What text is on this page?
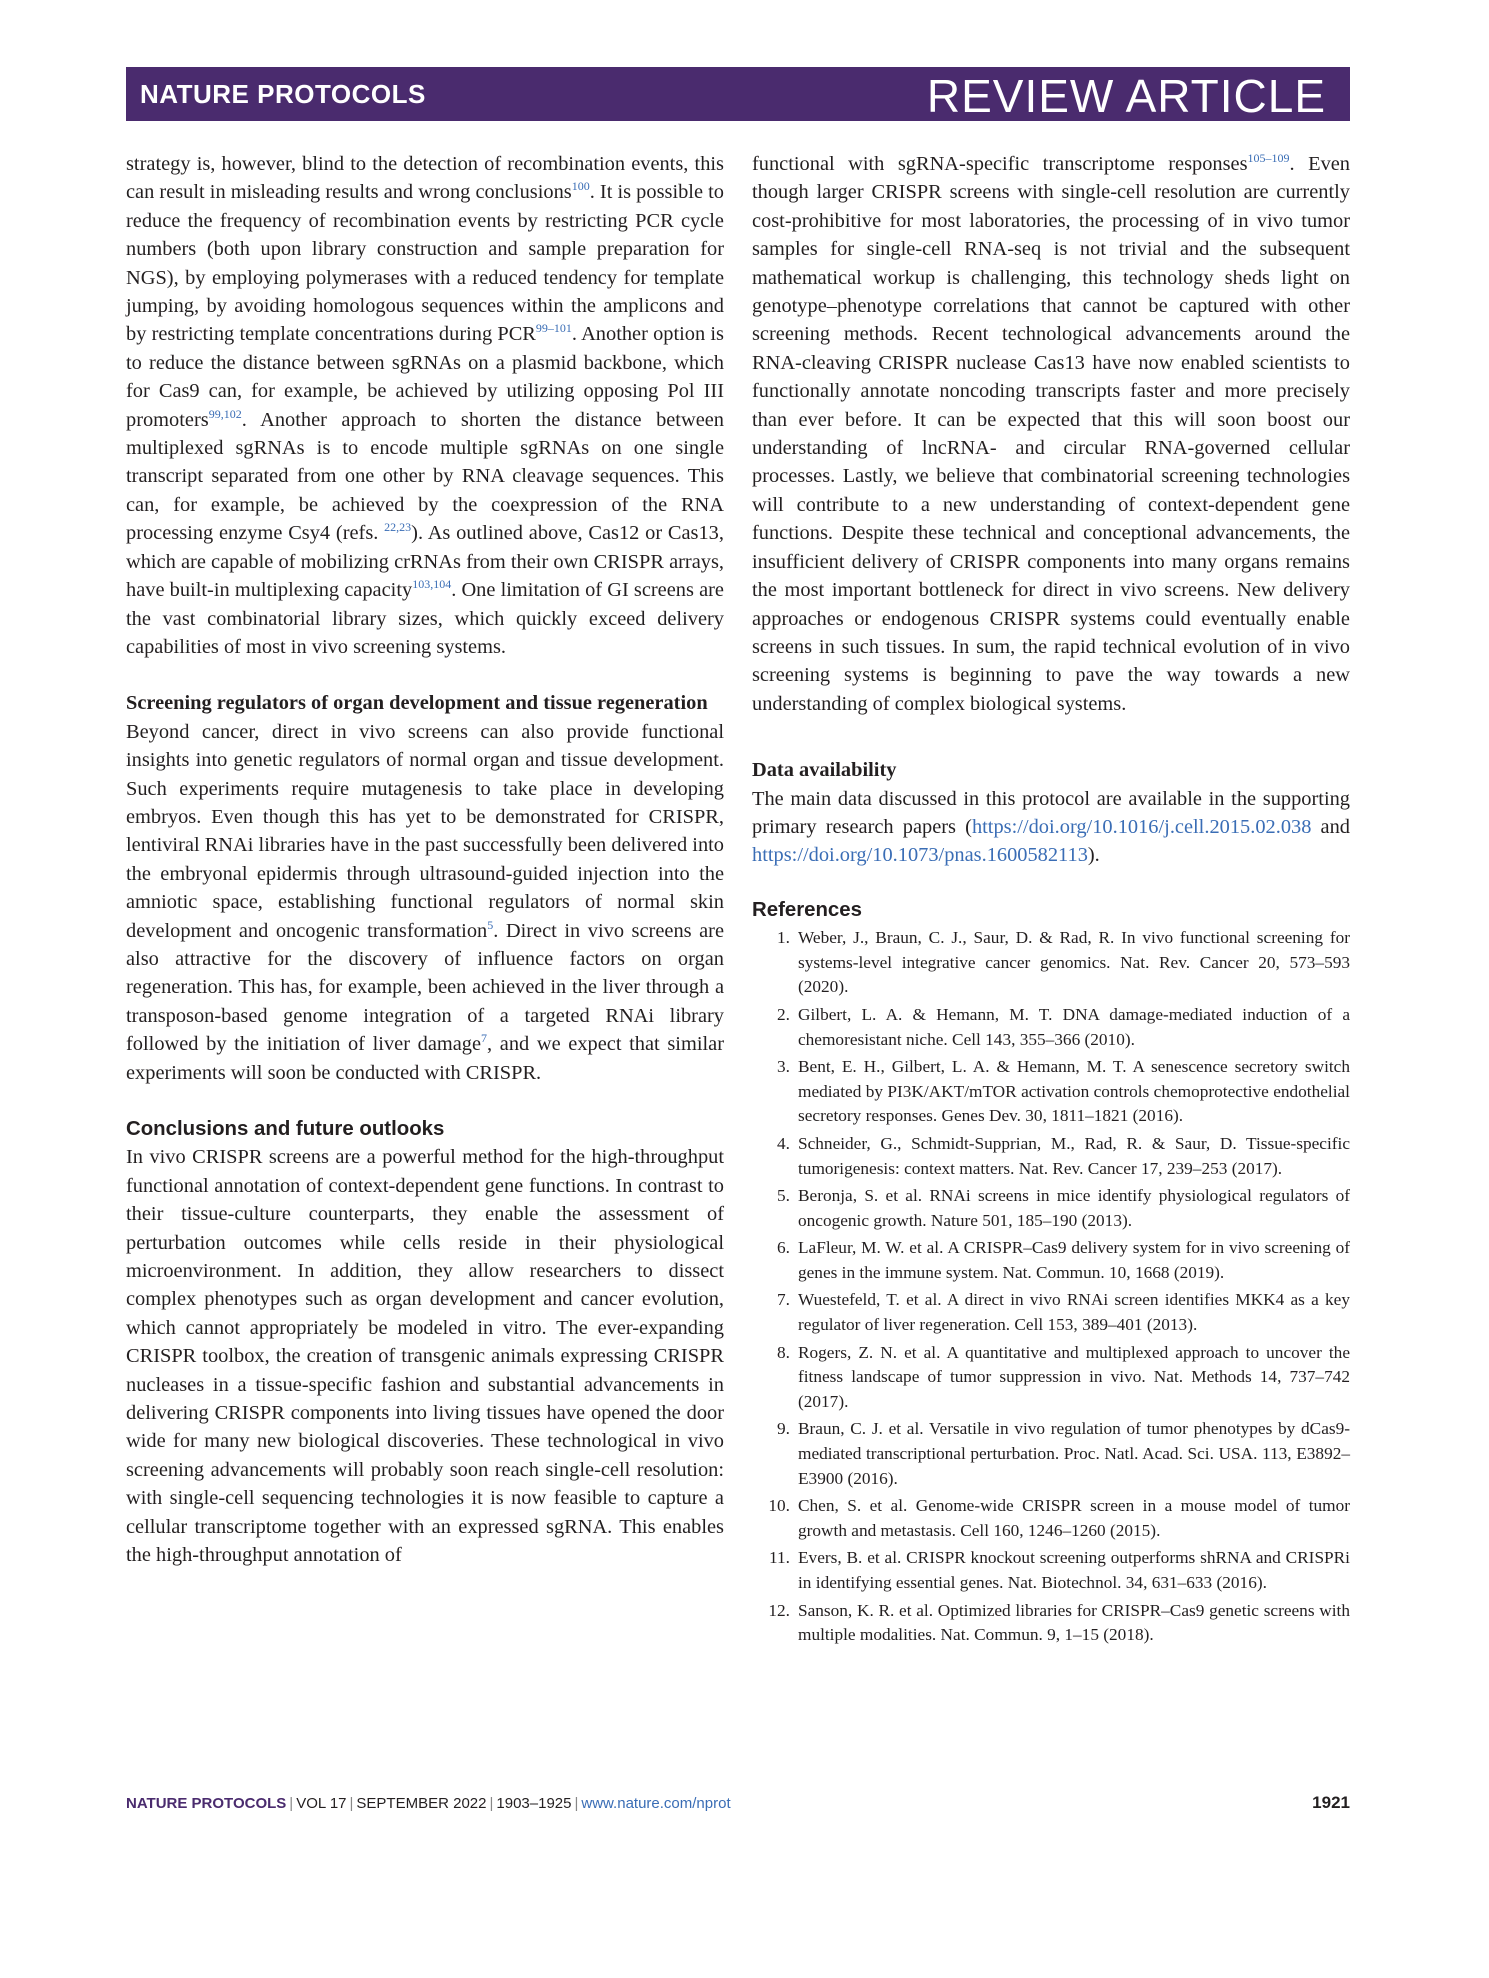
NATURE PROTOCOLS	REVIEW ARTICLE

strategy is, however, blind to the detection of recombination events, this can result in misleading results and wrong conclusions$^{100}$. It is possible to reduce the frequency of recombination events by restricting PCR cycle numbers (both upon library construction and sample preparation for NGS), by employing polymerases with a reduced tendency for template jumping, by avoiding homologous sequences within the amplicons and by restricting template concentrations during PCR$^{99-101}$. Another option is to reduce the distance between sgRNAs on a plasmid backbone, which for Cas9 can, for example, be achieved by utilizing opposing Pol III promoters$^{99,102}$. Another approach to shorten the distance between multiplexed sgRNAs is to encode multiple sgRNAs on one single transcript separated from one other by RNA cleavage sequences. This can, for example, be achieved by the coexpression of the RNA processing enzyme Csy4 (refs. $^{22,23}$). As outlined above, Cas12 or Cas13, which are capable of mobilizing crRNAs from their own CRISPR arrays, have built-in multiplexing capacity$^{103,104}$. One limitation of GI screens are the vast combinatorial library sizes, which quickly exceed delivery capabilities of most in vivo screening systems.

Screening regulators of organ development and tissue regeneration

Beyond cancer, direct in vivo screens can also provide functional insights into genetic regulators of normal organ and tissue development. Such experiments require mutagenesis to take place in developing embryos. Even though this has yet to be demonstrated for CRISPR, lentiviral RNAi libraries have in the past successfully been delivered into the embryonal epidermis through ultrasound-guided injection into the amniotic space, establishing functional regulators of normal skin development and oncogenic transformation$^5$. Direct in vivo screens are also attractive for the discovery of influence factors on organ regeneration. This has, for example, been achieved in the liver through a transposon-based genome integration of a targeted RNAi library followed by the initiation of liver damage$^7$, and we expect that similar experiments will soon be conducted with CRISPR.

Conclusions and future outlooks

In vivo CRISPR screens are a powerful method for the high-throughput functional annotation of context-dependent gene functions. In contrast to their tissue-culture counterparts, they enable the assessment of perturbation outcomes while cells reside in their physiological microenvironment. In addition, they allow researchers to dissect complex phenotypes such as organ development and cancer evolution, which cannot appropriately be modeled in vitro. The ever-expanding CRISPR toolbox, the creation of transgenic animals expressing CRISPR nucleases in a tissue-specific fashion and substantial advancements in delivering CRISPR components into living tissues have opened the door wide for many new biological discoveries. These technological in vivo screening advancements will probably soon reach single-cell resolution: with single-cell sequencing technologies it is now feasible to capture a cellular transcriptome together with an expressed sgRNA. This enables the high-throughput annotation of

functional with sgRNA-specific transcriptome responses$^{105-109}$. Even though larger CRISPR screens with single-cell resolution are currently cost-prohibitive for most laboratories, the processing of in vivo tumor samples for single-cell RNA-seq is not trivial and the subsequent mathematical workup is challenging, this technology sheds light on genotype–phenotype correlations that cannot be captured with other screening methods. Recent technological advancements around the RNA-cleaving CRISPR nuclease Cas13 have now enabled scientists to functionally annotate noncoding transcripts faster and more precisely than ever before. It can be expected that this will soon boost our understanding of lncRNA- and circular RNA-governed cellular processes. Lastly, we believe that combinatorial screening technologies will contribute to a new understanding of context-dependent gene functions. Despite these technical and conceptional advancements, the insufficient delivery of CRISPR components into many organs remains the most important bottleneck for direct in vivo screens. New delivery approaches or endogenous CRISPR systems could eventually enable screens in such tissues. In sum, the rapid technical evolution of in vivo screening systems is beginning to pave the way towards a new understanding of complex biological systems.

Data availability

The main data discussed in this protocol are available in the supporting primary research papers (https://doi.org/10.1016/j.cell.2015.02.038 and https://doi.org/10.1073/pnas.1600582113).

References
1. Weber, J., Braun, C. J., Saur, D. & Rad, R. In vivo functional screening for systems-level integrative cancer genomics. Nat. Rev. Cancer 20, 573–593 (2020).
2. Gilbert, L. A. & Hemann, M. T. DNA damage-mediated induction of a chemoresistant niche. Cell 143, 355–366 (2010).
3. Bent, E. H., Gilbert, L. A. & Hemann, M. T. A senescence secretory switch mediated by PI3K/AKT/mTOR activation controls chemoprotective endothelial secretory responses. Genes Dev. 30, 1811–1821 (2016).
4. Schneider, G., Schmidt-Supprian, M., Rad, R. & Saur, D. Tissue-specific tumorigenesis: context matters. Nat. Rev. Cancer 17, 239–253 (2017).
5. Beronja, S. et al. RNAi screens in mice identify physiological regulators of oncogenic growth. Nature 501, 185–190 (2013).
6. LaFleur, M. W. et al. A CRISPR–Cas9 delivery system for in vivo screening of genes in the immune system. Nat. Commun. 10, 1668 (2019).
7. Wuestefeld, T. et al. A direct in vivo RNAi screen identifies MKK4 as a key regulator of liver regeneration. Cell 153, 389–401 (2013).
8. Rogers, Z. N. et al. A quantitative and multiplexed approach to uncover the fitness landscape of tumor suppression in vivo. Nat. Methods 14, 737–742 (2017).
9. Braun, C. J. et al. Versatile in vivo regulation of tumor phenotypes by dCas9-mediated transcriptional perturbation. Proc. Natl. Acad. Sci. USA. 113, E3892–E3900 (2016).
10. Chen, S. et al. Genome-wide CRISPR screen in a mouse model of tumor growth and metastasis. Cell 160, 1246–1260 (2015).
11. Evers, B. et al. CRISPR knockout screening outperforms shRNA and CRISPRi in identifying essential genes. Nat. Biotechnol. 34, 631–633 (2016).
12. Sanson, K. R. et al. Optimized libraries for CRISPR–Cas9 genetic screens with multiple modalities. Nat. Commun. 9, 1–15 (2018).
NATURE PROTOCOLS | VOL 17 | SEPTEMBER 2022 | 1903–1925 | www.nature.com/nprot	1921
